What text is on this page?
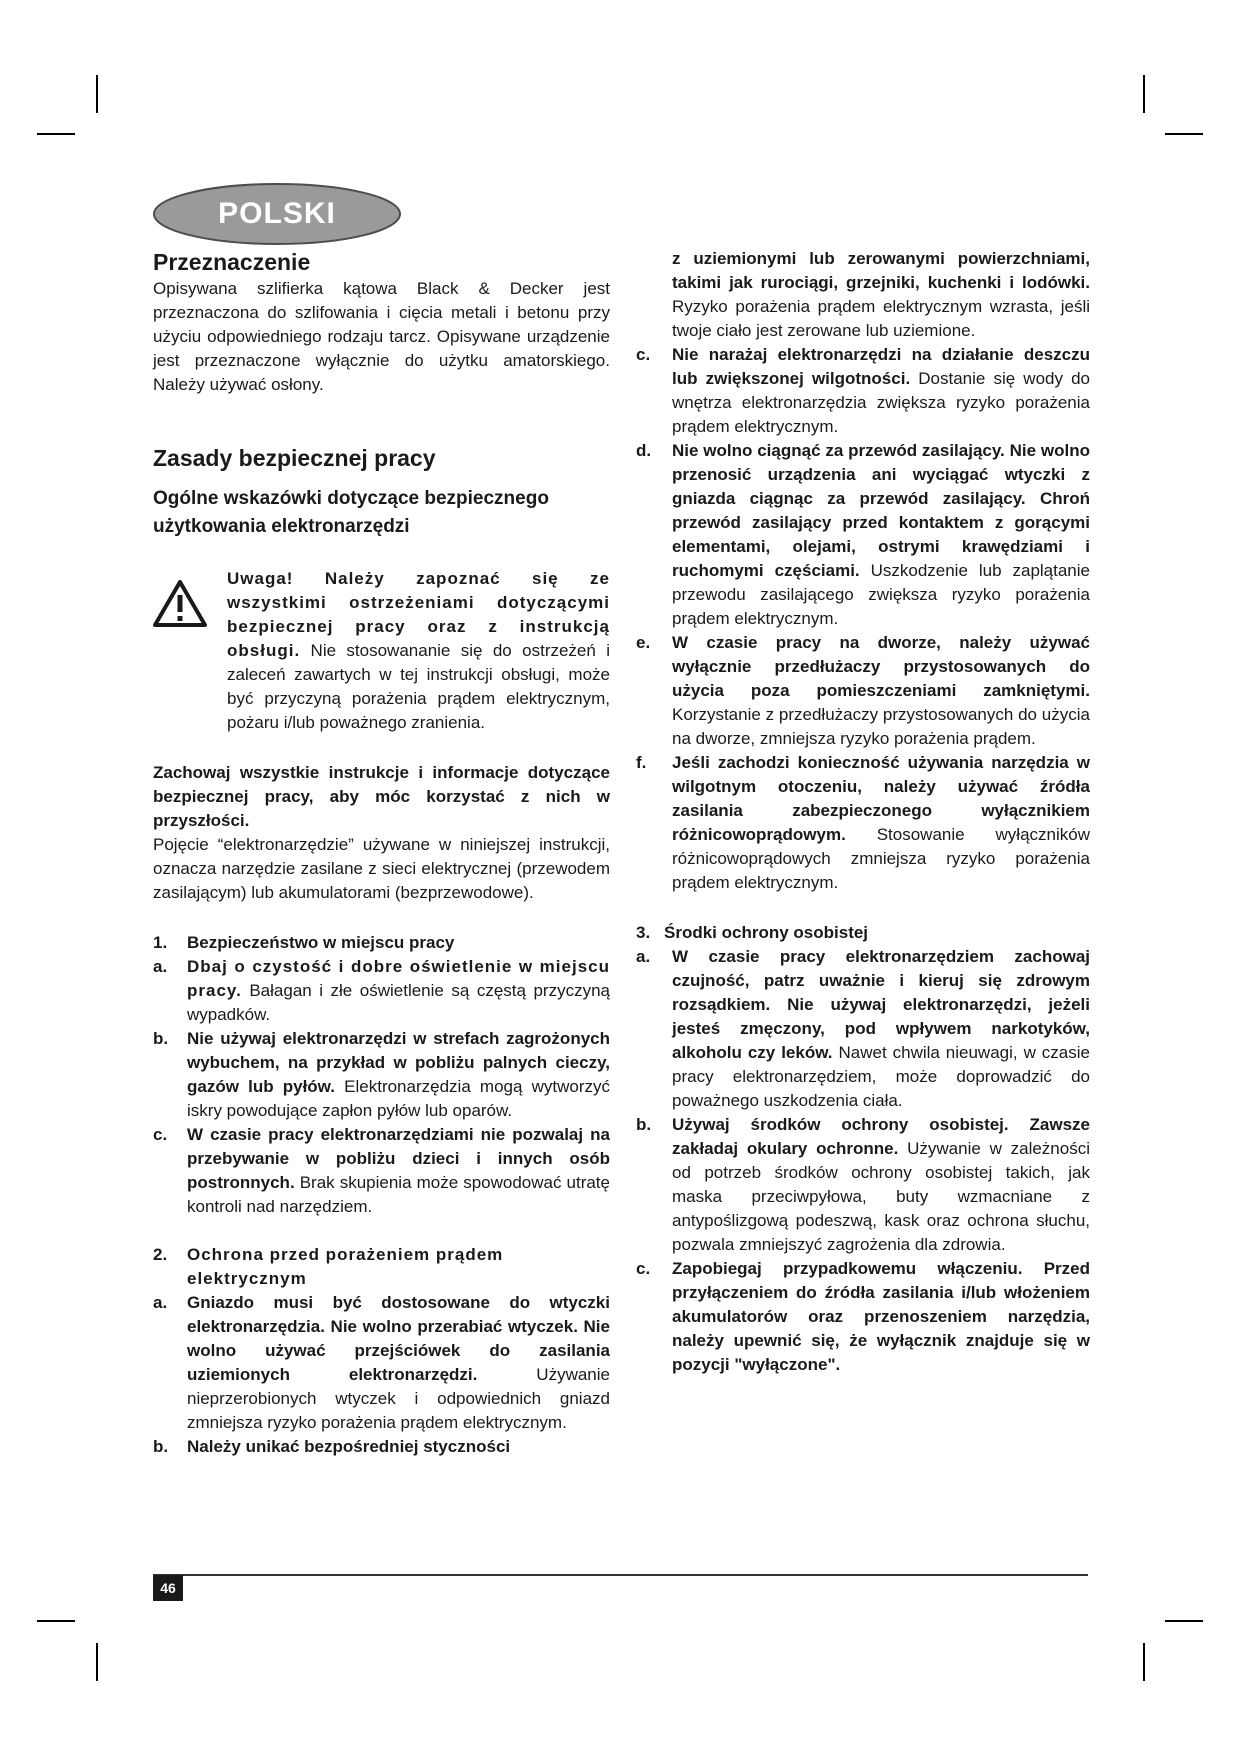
POLSKI
Przeznaczenie

Opisywana szlifierka kątowa Black & Decker jest przeznaczona do szlifowania i cięcia metali i betonu przy użyciu odpowiedniego rodzaju tarcz. Opisywane urządzenie jest przeznaczone wyłącznie do użytku amatorskiego. Należy używać osłony.

Zasady bezpiecznej pracy
Ogólne wskazówki dotyczące bezpiecznego użytkowania elektronarzędzi

Uwaga! Należy zapoznać się ze wszystkimi ostrzeżeniami dotyczącymi bezpiecznej pracy oraz z instrukcją obsługi. Nie stosowananie się do ostrzeżeń i zaleceń zawartych w tej instrukcji obsługi, może być przyczyną porażenia prądem elektrycznym, pożaru i/lub poważnego zranienia.

Zachowaj wszystkie instrukcje i informacje dotyczące bezpiecznej pracy, aby móc korzystać z nich w przyszłości.

Pojęcie “elektronarzędzie” używane w niniejszej instrukcji, oznacza narzędzie zasilane z sieci elektrycznej (przewodem zasilającym) lub akumulatorami (bezprzewodowe).

1.	Bezpieczeństwo w miejscu pracy
a.	Dbaj o czystość i dobre oświetlenie w miejscu pracy. Bałagan i złe oświetlenie są częstą przyczyną wypadków.
b.	Nie używaj elektronarzędzi w strefach zagrożonych wybuchem, na przykład w pobliżu palnych cieczy, gazów lub pyłów. Elektronarzędzia mogą wytworzyć iskry powodujące zapłon pyłów lub oparów.
c.	W czasie pracy elektronarzędziami nie pozwalaj na przebywanie w pobliżu dzieci i innych osób postronnych. Brak skupienia może spowodować utratę kontroli nad narzędziem.
2.	Ochrona przed porażeniem prądem elektrycznym
a.	Gniazdo musi być dostosowane do wtyczki elektronarzędzia. Nie wolno przerabiać wtyczek. Nie wolno używać przejściówek do zasilania uziemionych elektronarzędzi. Używanie nieprzerobionych wtyczek i odpowiednich gniazd zmniejsza ryzyko porażenia prądem elektrycznym.
b.	Należy unikać bezpośredniej styczności
z uziemionymi lub zerowanymi powierzchniami, takimi jak rurociągi, grzejniki, kuchenki i lodówki. Ryzyko porażenia prądem elektrycznym wzrasta, jeśli twoje ciało jest zerowane lub uziemione.
c.	Nie narażaj elektronarzędzi na działanie deszczu lub zwiększonej wilgotności. Dostanie się wody do wnętrza elektronarzędzia zwiększa ryzyko porażenia prądem elektrycznym.
d.	Nie wolno ciągnąć za przewód zasilający. Nie wolno przenosić urządzenia ani wyciągać wtyczki z gniazda ciągnąc za przewód zasilający. Chroń przewód zasilający przed kontaktem z gorącymi elementami, olejami, ostrymi krawędziami i ruchomymi częściami. Uszkodzenie lub zaplątanie przewodu zasilającego zwiększa ryzyko porażenia prądem elektrycznym.
e.	W czasie pracy na dworze, należy używać wyłącznie przedłużaczy przystosowanych do użycia poza pomieszczeniami zamkniętymi. Korzystanie z przedłużaczy przystosowanych do użycia na dworze, zmniejsza ryzyko porażenia prądem.
f.	Jeśli zachodzi konieczność używania narzędzia w wilgotnym otoczeniu, należy używać źródła zasilania zabezpieczonego wyłącznikiem różnicowoprądowym. Stosowanie wyłączników różnicowoprądowych zmniejsza ryzyko porażenia prądem elektrycznym.
3. Środki ochrony osobistej
a.	W czasie pracy elektronarzędziem zachowaj czujność, patrz uważnie i kieruj się zdrowym rozsądkiem. Nie używaj elektronarzędzi, jeżeli jesteś zmęczony, pod wpływem narkotyków, alkoholu czy leków. Nawet chwila nieuwagi, w czasie pracy elektronarzędziem, może doprowadzić do poważnego uszkodzenia ciała.
b.	Używaj środków ochrony osobistej. Zawsze zakładaj okulary ochronne. Używanie w zależności od potrzeb środków ochrony osobistej takich, jak maska przeciwpyłowa, buty wzmacniane z antypoślizgową podeszwą, kask oraz ochrona słuchu, pozwala zmniejszyć zagrożenia dla zdrowia.
c.	Zapobiegaj przypadkowemu włączeniu. Przed przyłączeniem do źródła zasilania i/lub włożeniem akumulatorów oraz przenoszeniem narzędzia, należy upewnić się, że wyłącznik znajduje się w pozycji "wyłączone".
46
